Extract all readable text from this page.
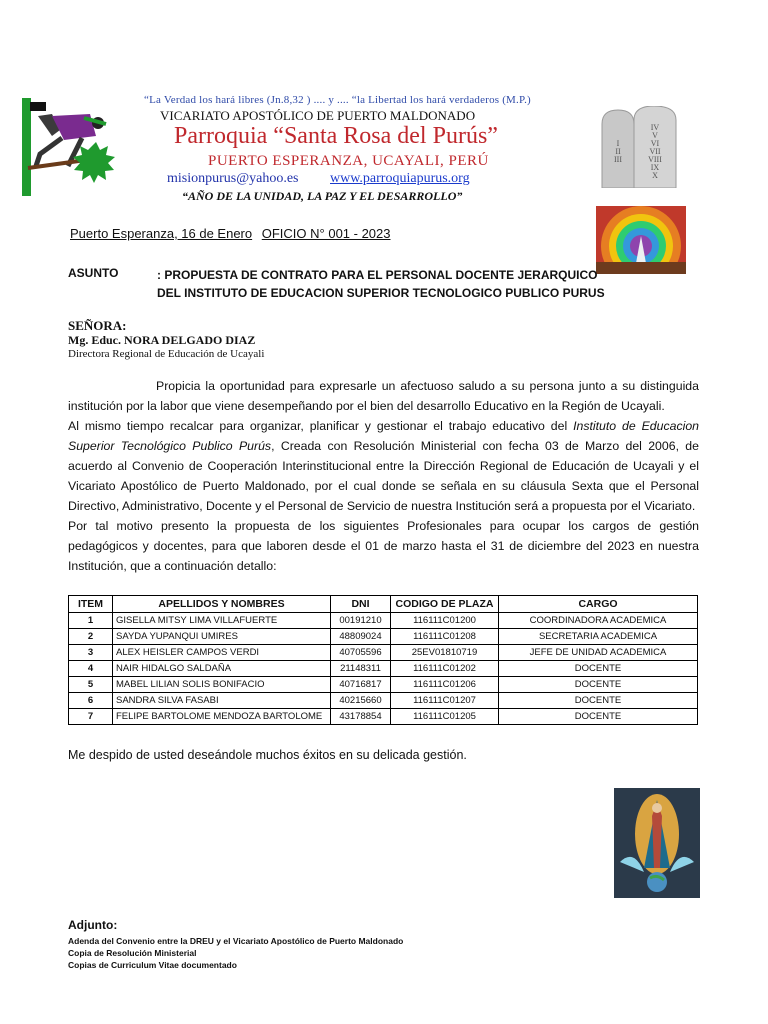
I
II
III
IV
V
VI
VII
VIII
IX
X
“La Verdad los hará libres (Jn.8,32 ) .... y .... “la Libertad los hará verdaderos (M.P.)
VICARIATO APOSTÓLICO DE PUERTO MALDONADO
Parroquia “Santa Rosa del Purús”
PUERTO ESPERANZA, UCAYALI, PERÚ
misionpurus@yahoo.es www.parroquiapurus.org
“AÑO DE LA UNIDAD, LA PAZ Y EL DESARROLLO”
Puerto Esperanza, 16 de Enero OFICIO N° 001 - 2023
ASUNTO	: PROPUESTA DE CONTRATO PARA EL PERSONAL DOCENTE JERARQUICO DEL INSTITUTO DE EDUCACION SUPERIOR TECNOLOGICO PUBLICO PURUS
SEÑORA:
Mg. Educ. NORA DELGADO DIAZ
Directora Regional de Educación de Ucayali

Propicia la oportunidad para expresarle un afectuoso saludo a su persona junto a su distinguida institución por la labor que viene desempeñando por el bien del desarrollo Educativo en la Región de Ucayali.

Al mismo tiempo recalcar para organizar, planificar y gestionar el trabajo educativo del Instituto de Educacion Superior Tecnológico Publico Purús, Creada con Resolución Ministerial con fecha 03 de Marzo del 2006, de acuerdo al Convenio de Cooperación Interinstitucional entre la Dirección Regional de Educación de Ucayali y el Vicariato Apostólico de Puerto Maldonado, por el cual donde se señala en su cláusula Sexta que el Personal Directivo, Administrativo, Docente y el Personal de Servicio de nuestra Institución será a propuesta por el Vicariato.

Por tal motivo presento la propuesta de los siguientes Profesionales para ocupar los cargos de gestión pedagógicos y docentes, para que laboren desde el 01 de marzo hasta el 31 de diciembre del 2023 en nuestra Institución, que a continuación detallo:

ITEM	APELLIDOS Y NOMBRES	DNI	CODIGO DE PLAZA	CARGO
1	GISELLA MITSY LIMA VILLAFUERTE	00191210	116111C01200	COORDINADORA ACADEMICA
2	SAYDA YUPANQUI UMIRES	48809024	116111C01208	SECRETARIA ACADEMICA
3	ALEX HEISLER CAMPOS VERDI	40705596	25EV01810719	JEFE DE UNIDAD ACADEMICA
4	NAIR HIDALGO SALDAÑA	21148311	116111C01202	DOCENTE
5	MABEL LILIAN SOLIS BONIFACIO	40716817	116111C01206	DOCENTE
6	SANDRA SILVA FASABI	40215660	116111C01207	DOCENTE
7	FELIPE BARTOLOME MENDOZA BARTOLOME	43178854	116111C01205	DOCENTE
Me despido de usted deseándole muchos éxitos en su delicada gestión.
Adjunto:
Adenda del Convenio entre la DREU y el Vicariato Apostólico de Puerto Maldonado
Copia de Resolución Ministerial
Copias de Curriculum Vitae documentado
